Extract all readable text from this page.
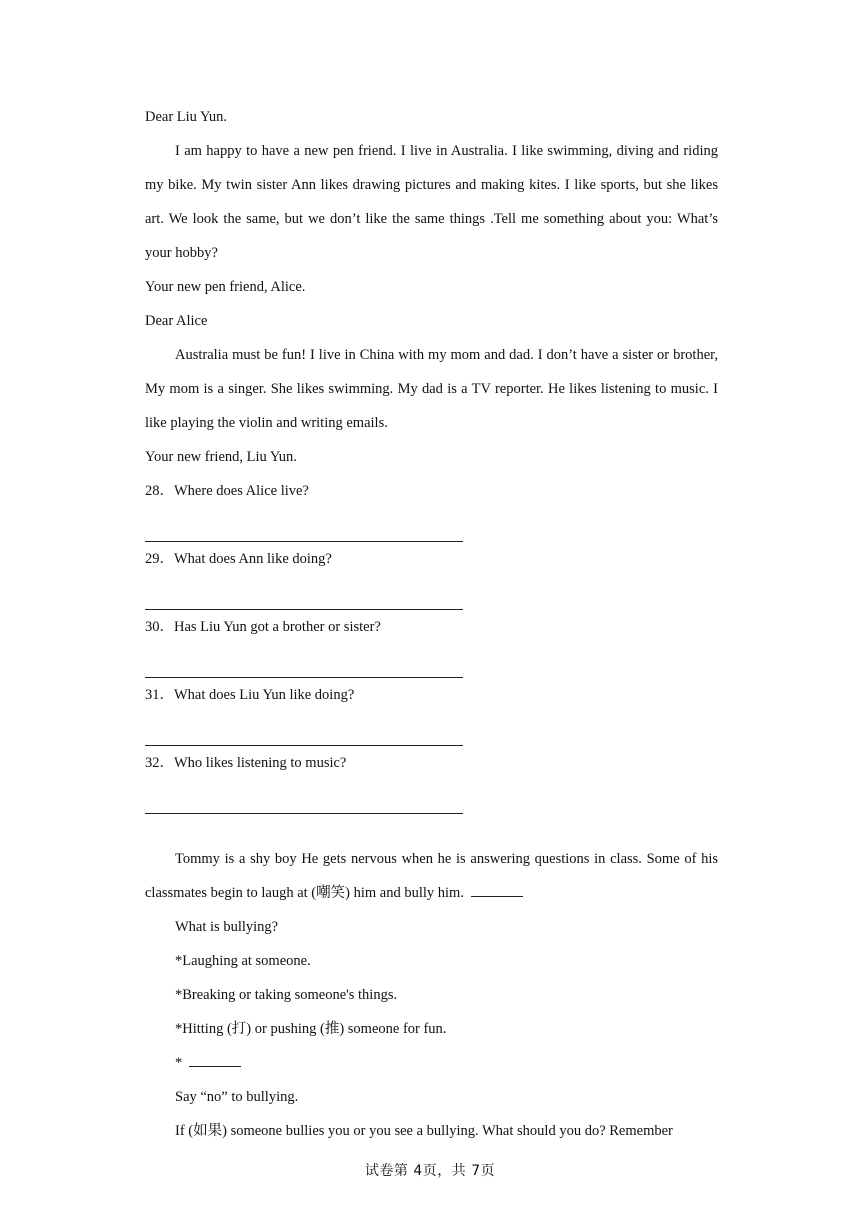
Dear Liu Yun.

I am happy to have a new pen friend. I live in Australia. I like swimming, diving and riding my bike. My twin sister Ann likes drawing pictures and making kites. I like sports, but she likes art. We look the same, but we don’t like the same things .Tell me something about you: What’s your hobby?

Your new pen friend, Alice.

Dear Alice

Australia must be fun! I live in China with my mom and dad. I don’t have a sister or brother, My mom is a singer. She likes swimming. My dad is a TV reporter. He likes listening to music. I like playing the violin and writing emails.

Your new friend, Liu Yun.

28．Where does Alice live?

29．What does Ann like doing?

30．Has Liu Yun got a brother or sister?

31．What does Liu Yun like doing?

32．Who likes listening to music?

Tommy is a shy boy He gets nervous when he is answering questions in class. Some of his classmates begin to laugh at (嘲笑) him and bully him.

What is bullying?

*Laughing at someone.

*Breaking or taking someone's things.

*Hitting (打) or pushing (推) someone for fun.

*

Say “no” to bullying.

If (如果) someone bullies you or you see a bullying. What should you do? Remember

试卷第 4页，共 7页
